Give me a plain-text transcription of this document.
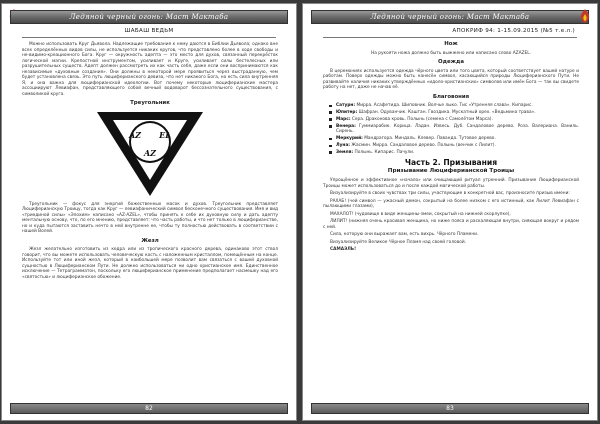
Ледяной черный огонь: Маст Мактаба
ШАБАШ ВЕДЬМ

Можно использовать Круг Дьявола. Надлежащие требования к нему даются в Библии Дьявола; однако вне всех определённых видов силы, не используется никаких кругов, что представлено более в ходе свободы и не-видимо-креационного Бога. Круг — окружность адепта — это место для духов, связанный перекрёсток логической магии. Крепостной инструментом, усиливает и Круге, усиливает силы бестелесных или разрушительных существ. Адепт должен рассмотреть их как часть себя, даже если они воспринимаются как независимые «духовные создания». Они должны в некоторой мере проявиться через выстраданную, чем будет установлена связь. Это путь люциферианского девиза, что нет никакого Бога, но есть сила внутренняя Я, и она важна для люциферианской идеологии. Вот почему некоторые люциферианские мастера ассоциируют Левиафан, представляющего собой вечный водоворот бессознательного существования, с символикой круга.

Треугольник
AZ EL
AZ

Треугольник — фокус для энергий божественных масок и духов. Треугольник представляет Люциферианскую Троицу, тогда как Круг — левиафанический символ бесконечного существования. Имя и вид «триединой силы» «Элохим» написано «AZ-AZEL», чтобы принять к себе их духовную силу и дать адепту ментальную основу, что, по его мнению, представляет: что часть работы, и что нет только в люциферианстве, но и куда пытаются заставить нечто в ней внутренне ее, чтобы ту полностью действовать в соответствии с нашей Волей.

Жезл

Жезл желательно изготовить из кедра или из тропического красного дерева, одинаково этот ствол говорит, что вы можете использовать человеческую кость с наложенным кристаллом, помещённым на конце. Используйте тот или иной жезл, который в наибольшей мере позволит вам связаться с вашей духовной сущностью в Люциферианском Пути. Не должно использоваться ни одно христианское имя. Единственное исключение — Тетраграмматон, поскольку его люциферианское применение предполагает насмешку над его «святостью» и люциферианское обожение.

82
Ледяной черный огонь: Маст Мактаба
АПОКРИФ 94: 1-15.09.2015 (№5 т.е.л.)
Нож

На рукояти ножа должно быть выжжено или написано слово AZAZEL.

Одежда

В церемониях используется одежда чёрного цвета или того цвета, который соответствует вашей натуре и работам. Поверх одежды можно быть нанесён символ, касающийся природы Люциферианского Пути. Не развивайте наличия никаких утверждённых «идоло-христианских» символов или имён Бога — так вы свидете работу на нет, даже не начав её.

Благовония
Сатурн: Мирра. Асафетида. Шиповник. Волчье лыко. Тис «Утренняя слава». Кипарис.
Юпитер: Шафран. Одуванчик. Каштан. Гвоздика. Мускатный орех. «Ведьмина трава».
Марс: Сера. Драконова кровь. Полынь (семена с Самолётом Марса).
Венера: Гуммиарабик. Корица. Ладан. Извесь. Дуб. Сандаловое дерево. Роза. Валериана. Ваниль. Сирень.
Меркурий: Мандрагора. Миндаль. Клевер. Лаванда. Тутовое дерево.
Луна: Жасмин. Мирра. Сандаловое дерево. Полынь (венчик с Лилит).
Земля: Полынь. Кипарис. Пачули.
Часть 2. Призывания
Призывание Люциферианской Троицы

Упрощённое и эффективное «начало» или очищающий ритуал утренний. Призывание Люциферианской Троицы может использоваться до и после каждой магической работы.

Визуализируйте в своих чувствах три силы, участвующие в конкретной вас, произносите призыв имени:

РАХАБ! (чей символ — ужасный демон, сокрытый на более низком с его истинный, как Лилит Левиафан с пылающими глазами),

МАХАЛОТ! (чудовище в виде женщины-змеи, сокрытый на нижней скорлупке),

ЛИЛИТ! (нижняя очень красивая женщина, но ниже пояса и раскаляющая внутри, сияющая вокруг и рядом с ней.

Сила, которую они выражает вам, есть вихрь. Чёрного Пламени.

Визуализируйте Великое Чёрное Пламя над своей головой.

САМАЭЛЬ!

83
